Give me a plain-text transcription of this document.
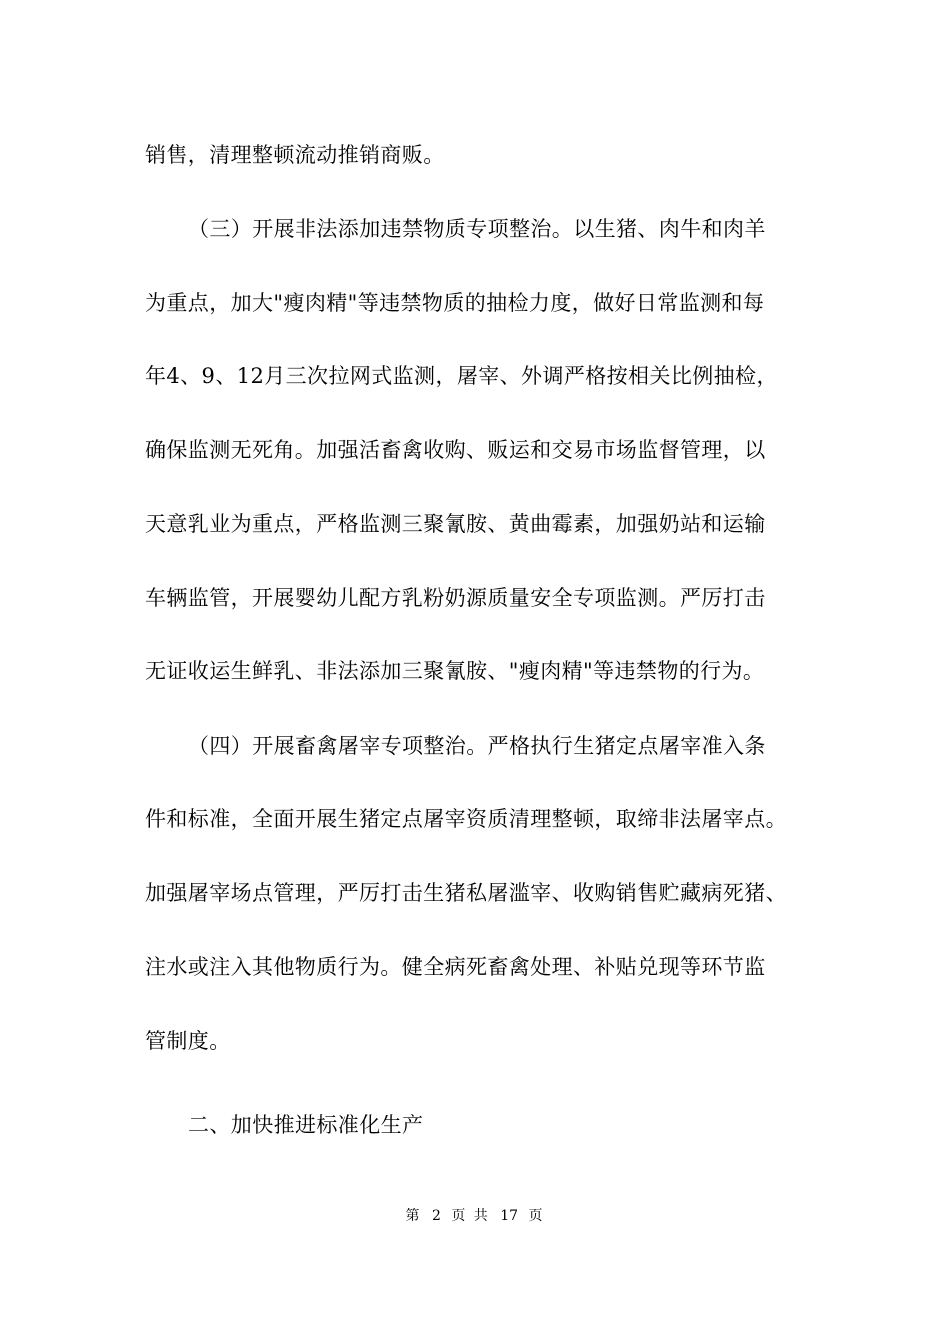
销售，清理整顿流动推销商贩。
（三）开展非法添加违禁物质专项整治。以生猪、肉牛和肉羊
为重点，加大"瘦肉精"等违禁物质的抽检力度，做好日常监测和每
年4、9、12月三次拉网式监测，屠宰、外调严格按相关比例抽检，
确保监测无死角。加强活畜禽收购、贩运和交易市场监督管理，以
天意乳业为重点，严格监测三聚氰胺、黄曲霉素，加强奶站和运输
车辆监管，开展婴幼儿配方乳粉奶源质量安全专项监测。严厉打击
无证收运生鲜乳、非法添加三聚氰胺、"瘦肉精"等违禁物的行为。
（四）开展畜禽屠宰专项整治。严格执行生猪定点屠宰准入条
件和标准，全面开展生猪定点屠宰资质清理整顿，取缔非法屠宰点。
加强屠宰场点管理，严厉打击生猪私屠滥宰、收购销售贮藏病死猪、
注水或注入其他物质行为。健全病死畜禽处理、补贴兑现等环节监
管制度。
二、加快推进标准化生产
第 2 页 共 17 页
